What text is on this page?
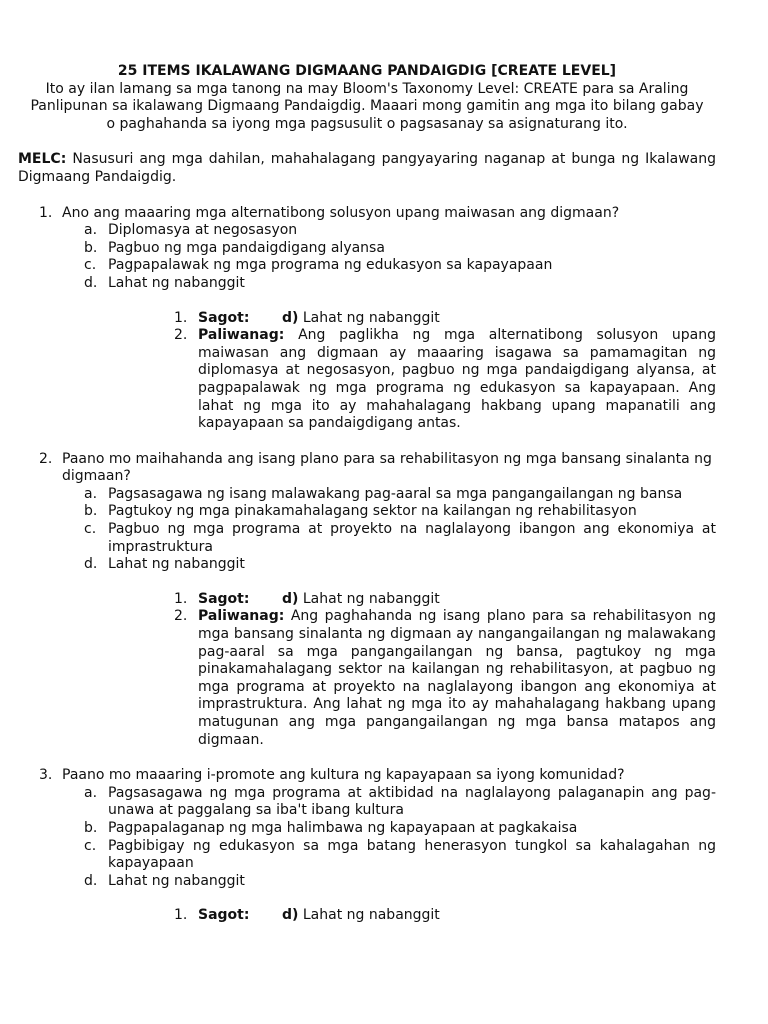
25 ITEMS IKALAWANG DIGMAANG PANDAIGDIG [CREATE LEVEL]
Ito ay ilan lamang sa mga tanong na may Bloom's Taxonomy Level: CREATE para sa Araling Panlipunan sa ikalawang Digmaang Pandaigdig. Maaari mong gamitin ang mga ito bilang gabay o paghahanda sa iyong mga pagsusulit o pagsasanay sa asignaturang ito.
MELC: Nasusuri ang mga dahilan, mahahalagang pangyayaring naganap at bunga ng Ikalawang Digmaang Pandaigdig.
1. Ano ang maaaring mga alternatibong solusyon upang maiwasan ang digmaan?
a. Diplomasya at negosasyon
b. Pagbuo ng mga pandaigdigang alyansa
c. Pagpapalawak ng mga programa ng edukasyon sa kapayapaan
d. Lahat ng nabanggit
1. Sagot: d) Lahat ng nabanggit
2. Paliwanag: Ang paglikha ng mga alternatibong solusyon upang maiwasan ang digmaan ay maaaring isagawa sa pamamagitan ng diplomasya at negosasyon, pagbuo ng mga pandaigdigang alyansa, at pagpapalawak ng mga programa ng edukasyon sa kapayapaan. Ang lahat ng mga ito ay mahahalagang hakbang upang mapanatili ang kapayapaan sa pandaigdigang antas.
2. Paano mo maihahanda ang isang plano para sa rehabilitasyon ng mga bansang sinalanta ng digmaan?
a. Pagsasagawa ng isang malawakang pag-aaral sa mga pangangailangan ng bansa
b. Pagtukoy ng mga pinakamahalagang sektor na kailangan ng rehabilitasyon
c. Pagbuo ng mga programa at proyekto na naglalayong ibangon ang ekonomiya at imprastruktura
d. Lahat ng nabanggit
1. Sagot: d) Lahat ng nabanggit
2. Paliwanag: Ang paghahanda ng isang plano para sa rehabilitasyon ng mga bansang sinalanta ng digmaan ay nangangailangan ng malawakang pag-aaral sa mga pangangailangan ng bansa, pagtukoy ng mga pinakamahalagang sektor na kailangan ng rehabilitasyon, at pagbuo ng mga programa at proyekto na naglalayong ibangon ang ekonomiya at imprastruktura. Ang lahat ng mga ito ay mahahalagang hakbang upang matugunan ang mga pangangailangan ng mga bansa matapos ang digmaan.
3. Paano mo maaaring i-promote ang kultura ng kapayapaan sa iyong komunidad?
a. Pagsasagawa ng mga programa at aktibidad na naglalayong palaganapin ang pag-unawa at paggalang sa iba't ibang kultura
b. Pagpapalaganap ng mga halimbawa ng kapayapaan at pagkakaisa
c. Pagbibigay ng edukasyon sa mga batang henerasyon tungkol sa kahalagahan ng kapayapaan
d. Lahat ng nabanggit
1. Sagot: d) Lahat ng nabanggit
